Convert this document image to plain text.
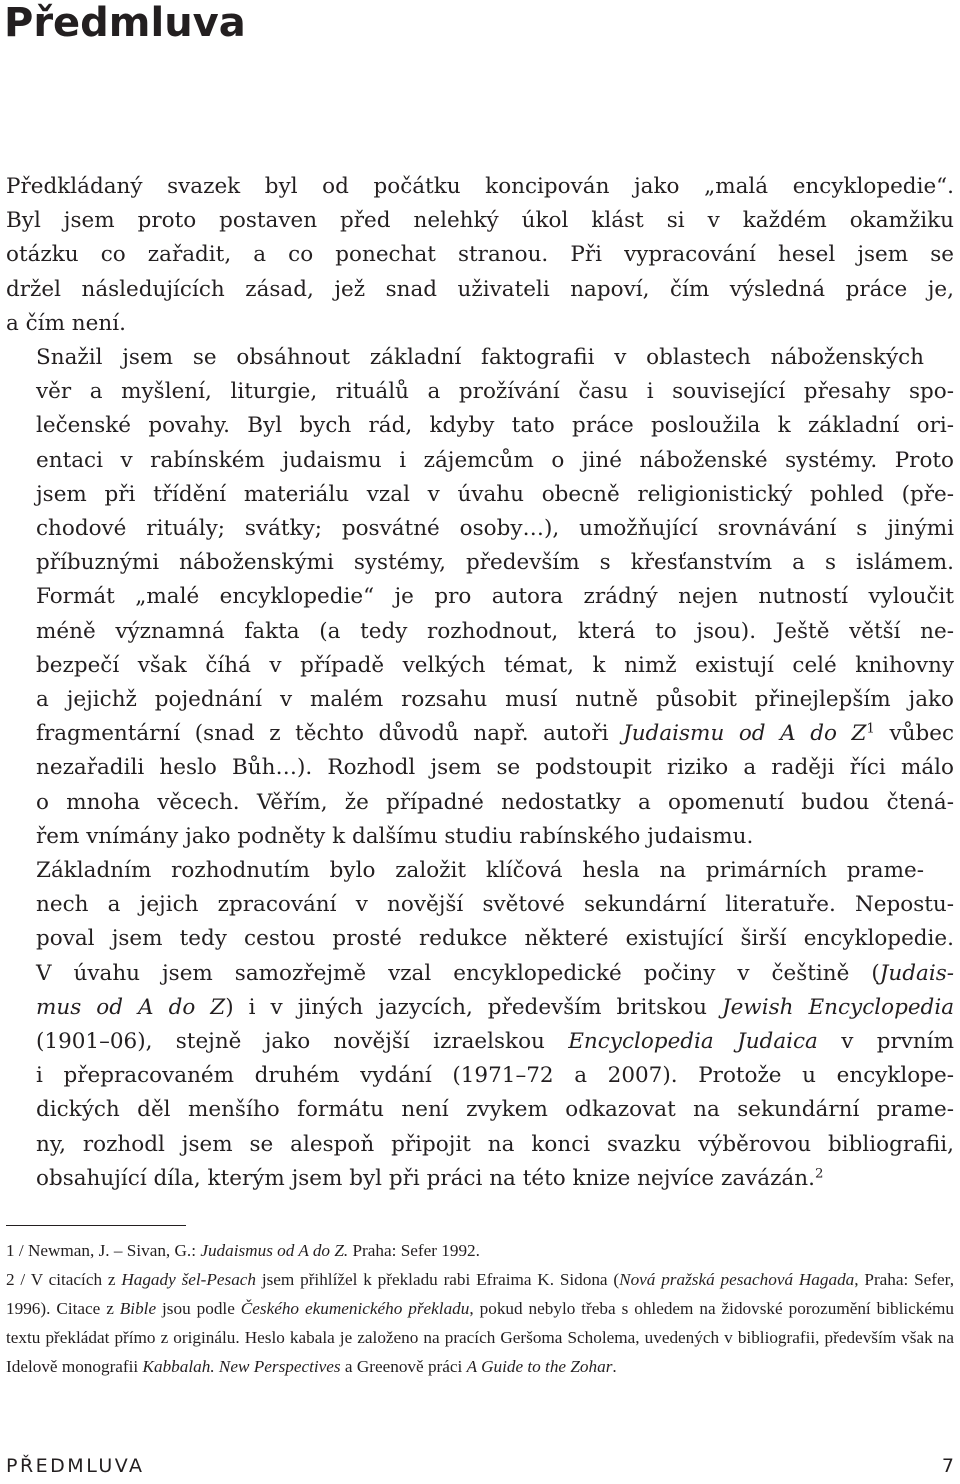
Předmluva

Předkládaný svazek byl od počátku koncipován jako „malá encyklopedie“.
Byl jsem proto postaven před nelehký úkol klást si v každém okamžiku
otázku co zařadit, a co ponechat stranou. Při vypracování hesel jsem se
držel následujících zásad, jež snad uživateli napoví, čím výsledná práce je,
a čím není.

Snažil jsem se obsáhnout základní faktografii v oblastech náboženských
věr a myšlení, liturgie, rituálů a prožívání času i související přesahy spo-
lečenské povahy. Byl bych rád, kdyby tato práce posloužila k základní ori-
entaci v rabínském judaismu i zájemcům o jiné náboženské systémy. Proto
jsem při třídění materiálu vzal v úvahu obecně religionistický pohled (pře-
chodové rituály; svátky; posvátné osoby…), umožňující srovnávání s jinými
příbuznými náboženskými systémy, především s křesťanstvím a s islámem.
Formát „malé encyklopedie“ je pro autora zrádný nejen nutností vyloučit
méně významná fakta (a tedy rozhodnout, která to jsou). Ještě větší ne-
bezpečí však číhá v případě velkých témat, k nimž existují celé knihovny
a jejichž pojednání v malém rozsahu musí nutně působit přinejlepším jako
fragmentární (snad z těchto důvodů např. autoři Judaismu od A do $Z^1$ vůbec
nezařadili heslo Bůh…). Rozhodl jsem se podstoupit riziko a raději říci málo
o mnoha věcech. Věřím, že případné nedostatky a opomenutí budou čtená-
řem vnímány jako podněty k dalšímu studiu rabínského judaismu.

Základním rozhodnutím bylo založit klíčová hesla na primárních prame-
nech a jejich zpracování v novější světové sekundární literatuře. Nepostu-
poval jsem tedy cestou prosté redukce některé existující širší encyklopedie.
V úvahu jsem samozřejmě vzal encyklopedické počiny v češtině (Judais-
mus od A do Z) i v jiných jazycích, především britskou Jewish Encyclopedia
(1901–06), stejně jako novější izraelskou Encyclopedia Judaica v prvním
i přepracovaném druhém vydání (1971–72 a 2007). Protože u encyklope-
dických děl menšího formátu není zvykem odkazovat na sekundární prame-
ny, rozhodl jsem se alespoň připojit na konci svazku výběrovou bibliografii,
obsahující díla, kterým jsem byl při práci na této knize nejvíce zavázán.$^2$

1 / Newman, J. – Sivan, G.: Judaismus od A do Z. Praha: Sefer 1992.

2 / V citacích z Hagady šel-Pesach jsem přihlížel k překladu rabi Efraima K. Sidona (Nová pražská pesachová Hagada, Praha: Sefer, 1996). Citace z Bible jsou podle Českého ekumenického překladu, pokud nebylo třeba s ohledem na židovské porozumění biblickému textu překládat přímo z originálu. Heslo kabala je založeno na pracích Geršoma Scholema, uvedených v bibliografii, především však na Idelově monografii Kabbalah. New Perspectives a Greenově práci A Guide to the Zohar.

PŘEDMLUVA	7
